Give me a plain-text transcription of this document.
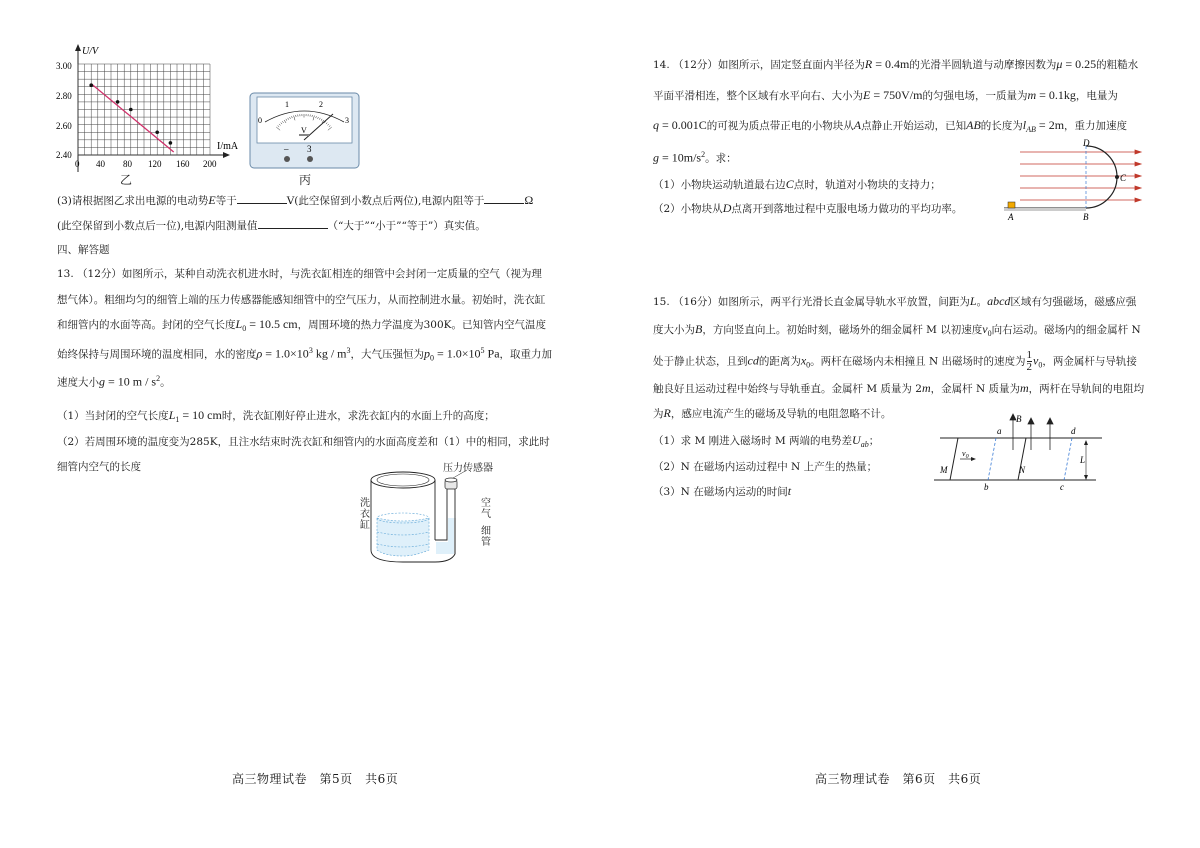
U/V
I/mA
3.00
2.80
2.60
2.40
0 40 80 120 160 200
乙
0
1	2
3
V
– 3
丙
(3)请根据图乙求出电源的电动势E等于	V(此空保留到小数点后两位),电源内阻等于	Ω
(此空保留到小数点后一位),电源内阻测量值	（“大于”“小于”“等于”）真实值。
四、解答题
13. （12分）如图所示，某种自动洗衣机进水时，与洗衣缸相连的细管中会封闭一定质量的空气（视为理
想气体）。粗细均匀的细管上端的压力传感器能感知细管中的空气压力，从而控制进水量。初始时，洗衣缸
和细管内的水面等高。封闭的空气长度$L_0 = 10.5$ cm，周围环境的热力学温度为300K。已知管内空气温度
始终保持与周围环境的温度相同，水的密度$\rho = 1.0\times 10^3$ kg / $m^3$，大气压强恒为$p_0 = 1.0\times 10^5$ Pa，取重力加
速度大小g = 10 m / $s^2$。
（1）当封闭的空气长度$L_1 = 10$ cm时，洗衣缸刚好停止进水，求洗衣缸内的水面上升的高度；
（2）若周围环境的温度变为285K，且注水结束时洗衣缸和细管内的水面高度差和（1）中的相同，求此时
细管内空气的长度	压力传感器
洗衣缸
空气
细管
高三物理试卷　第5页　共6页
14. （12分）如图所示，固定竖直面内半径为R = 0.4m的光滑半圆轨道与动摩擦因数为μ = 0.25的粗糙水
平面平滑相连，整个区域有水平向右、大小为E = 750V/m的匀强电场，一质量为m = 0.1kg，电量为
q = 0.001C的可视为质点带正电的小物块从A点静止开始运动，已知AB的长度为$l_{AB} = 2m$，重力加速度
$g = 10m/s^2$。求：
（1）小物块运动轨道最右边C点时，轨道对小物块的支持力；
（2）小物块从D点离开到落地过程中克服电场力做功的平均功率。
D
C
A	B
15. （16分）如图所示，两平行光滑长直金属导轨水平放置，间距为L。abcd区域有匀强磁场，磁感应强
度大小为B，方向竖直向上。初始时刻，磁场外的细金属杆 M 以初速度$v_0$向右运动。磁场内的细金属杆 N
处于静止状态，且到cd的距离为$x_0$。两杆在磁场内未相撞且 N 出磁场时的速度为 $\frac{1}{2} v_0$，两金属杆与导轨接
触良好且运动过程中始终与导轨垂直。金属杆 M 质量为 2m，金属杆 N 质量为m，两杆在导轨间的电阻均
为R，感应电流产生的磁场及导轨的电阻忽略不计。
（1）求 M 刚进入磁场时 M 两端的电势差$U_{ab}$；
（2）N 在磁场内运动过程中 N 上产生的热量；
（3）N 在磁场内运动的时间t
B
a	d
$v_0$
M	N
L
b	c
高三物理试卷　第6页　共6页
